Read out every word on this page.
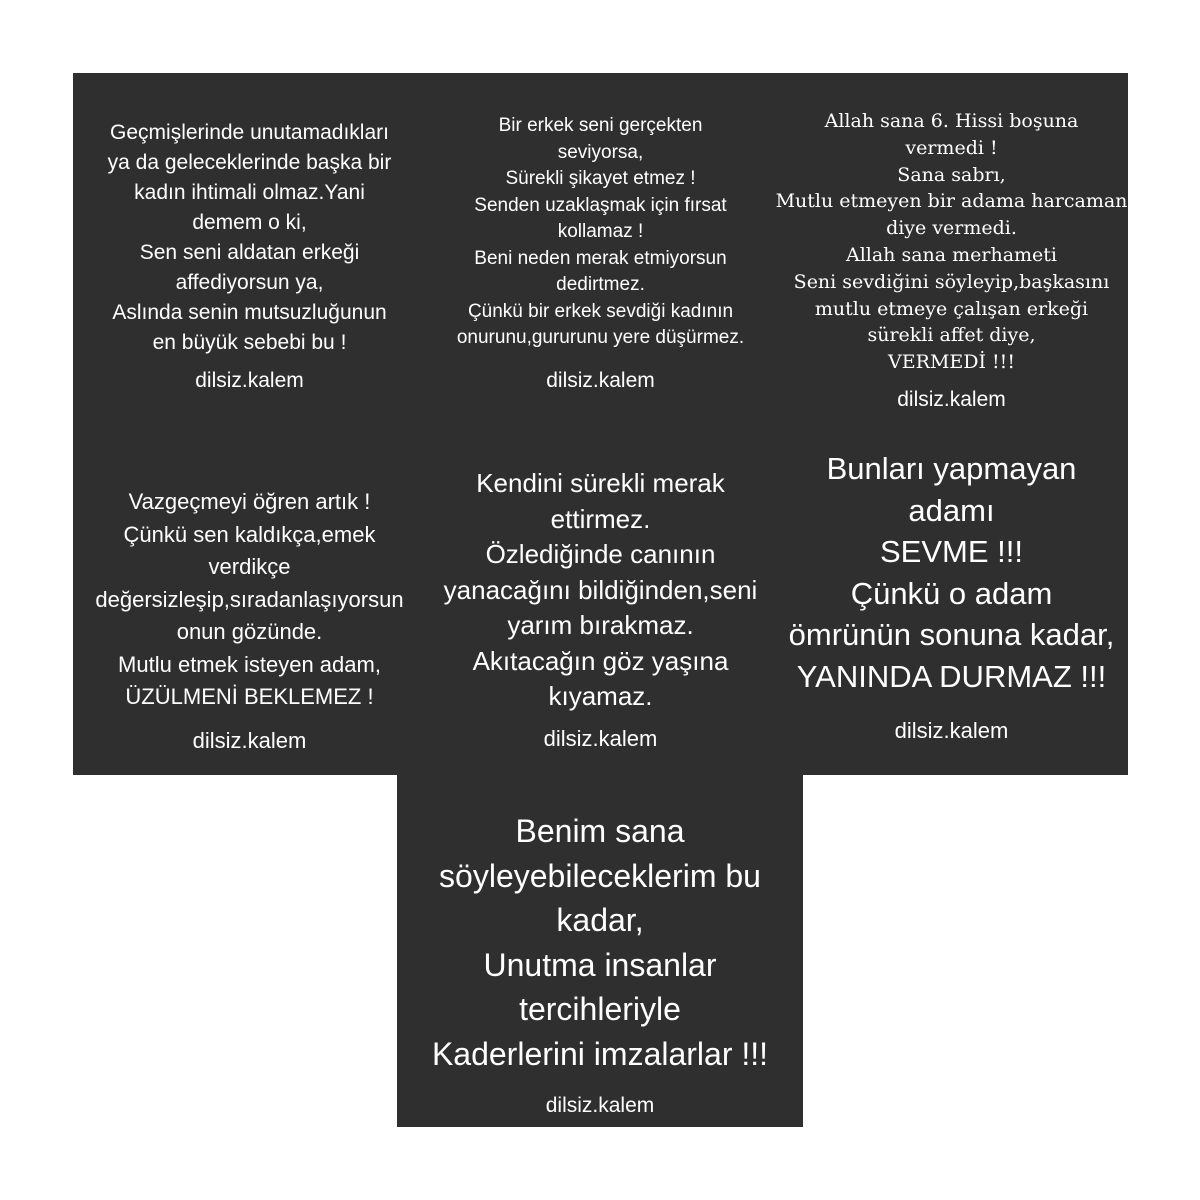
Geçmişlerinde unutamadıkları
ya da geleceklerinde başka bir
kadın ihtimali olmaz.Yani
demem o ki,
Sen seni aldatan erkeği
affediyorsun ya,
Aslında senin mutsuzluğunun
en büyük sebebi bu !
dilsiz.kalem
Bir erkek seni gerçekten
seviyorsa,
Sürekli şikayet etmez !
Senden uzaklaşmak için fırsat
kollamaz !
Beni neden merak etmiyorsun
dedirtmez.
Çünkü bir erkek sevdiği kadının
onurunu,gururunu yere düşürmez.
dilsiz.kalem
Allah sana 6. Hissi boşuna
vermedi !
Sana sabrı,
Mutlu etmeyen bir adama harcaman
diye vermedi.
Allah sana merhameti
Seni sevdiğini söyleyip,başkasını
mutlu etmeye çalışan erkeği
sürekli affet diye,
VERMEDİ !!!
dilsiz.kalem
Vazgeçmeyi öğren artık !
Çünkü sen kaldıkça,emek
verdikçe
değersizleşip,sıradanlaşıyorsun
onun gözünde.
Mutlu etmek isteyen adam,
ÜZÜLMENİ BEKLEMEZ !
dilsiz.kalem
Kendini sürekli merak
ettirmez.
Özlediğinde canının
yanacağını bildiğinden,seni
yarım bırakmaz.
Akıtacağın göz yaşına
kıyamaz.
dilsiz.kalem
Bunları yapmayan
adamı
SEVME !!!
Çünkü o adam
ömrünün sonuna kadar,
YANINDA DURMAZ !!!
dilsiz.kalem
Benim sana
söyleyebileceklerim bu
kadar,
Unutma insanlar
tercihleriyle
Kaderlerini imzalarlar !!!
dilsiz.kalem
